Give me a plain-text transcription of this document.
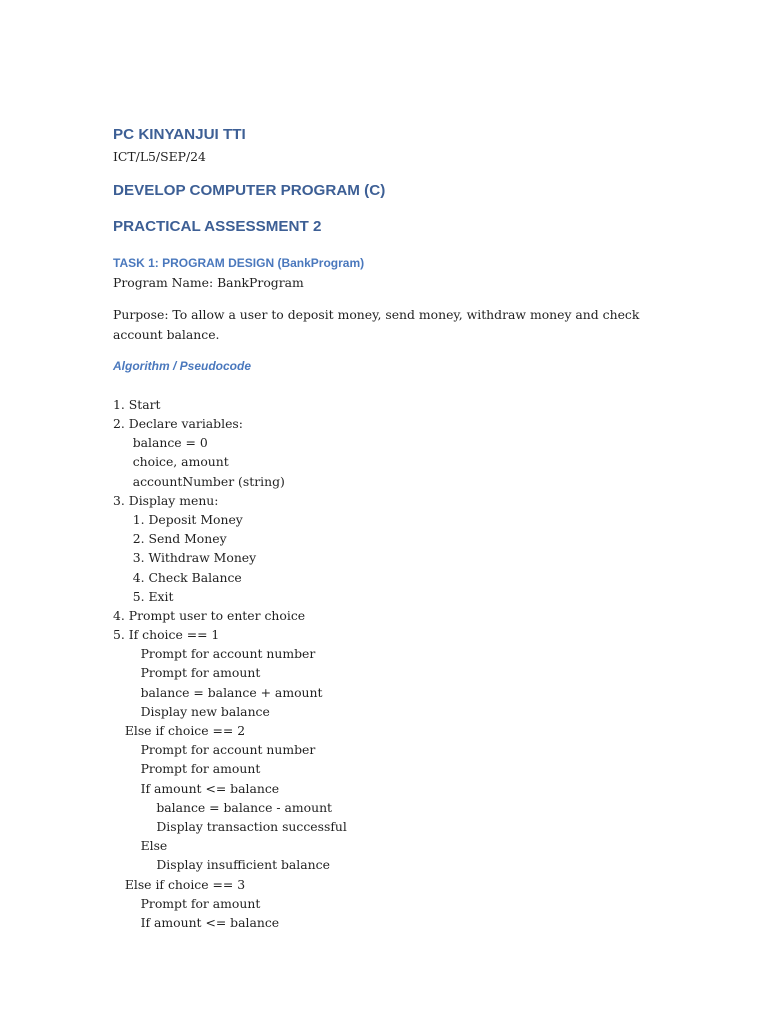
PC KINYANJUI TTI
ICT/L5/SEP/24
DEVELOP COMPUTER PROGRAM (C)
PRACTICAL ASSESSMENT 2
TASK 1: PROGRAM DESIGN (BankProgram)
Program Name: BankProgram
Purpose: To allow a user to deposit money, send money, withdraw money and check
account balance.
Algorithm / Pseudocode
1. Start
2. Declare variables:
balance = 0
choice, amount
accountNumber (string)
3. Display menu:
1. Deposit Money
2. Send Money
3. Withdraw Money
4. Check Balance
5. Exit
4. Prompt user to enter choice
5. If choice == 1
Prompt for account number
Prompt for amount
balance = balance + amount
Display new balance
Else if choice == 2
Prompt for account number
Prompt for amount
If amount <= balance
balance = balance - amount
Display transaction successful
Else
Display insufficient balance
Else if choice == 3
Prompt for amount
If amount <= balance
